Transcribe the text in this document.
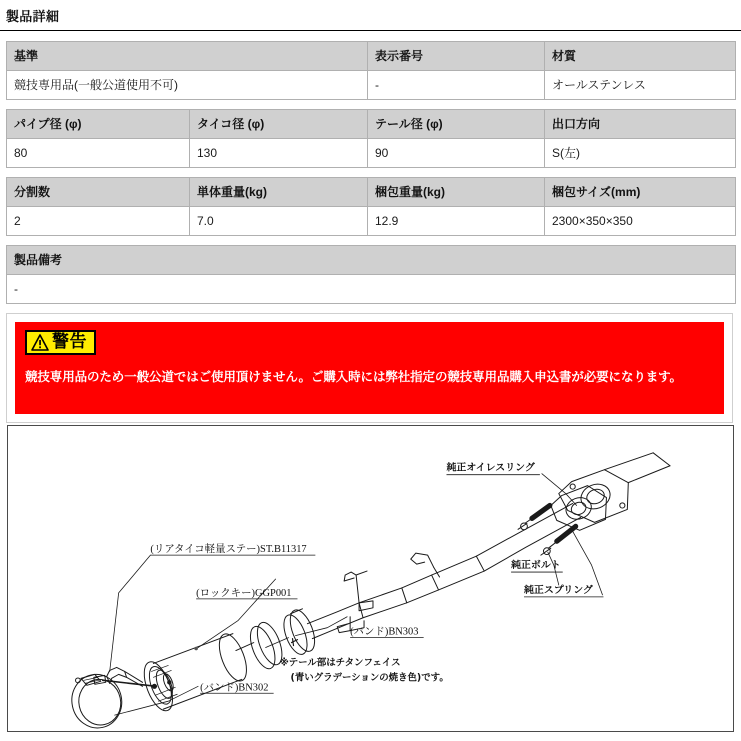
製品詳細
基準	表示番号	材質
競技専用品(一般公道使用不可)	-	オールステンレス
パイプ径 (φ)	タイコ径 (φ)	テール径 (φ)	出口方向
80	130	90	S(左)
分割数	単体重量(kg)	梱包重量(kg)	梱包サイズ(mm)
2	7.0	12.9	2300×350×350
製品備考
-
警告
競技専用品のため一般公道ではご使用頂けません。ご購入時には弊社指定の競技専用品購入申込書が必要になります。
(リアタイコ軽量ステー)ST.B11317
(ロックキー)GGP001
(バンド)BN302
(バンド)BN303
純正オイレスリング
純正ボルト
純正スプリング
※テール部はチタンフェイス
(青いグラデーションの焼き色)です。
